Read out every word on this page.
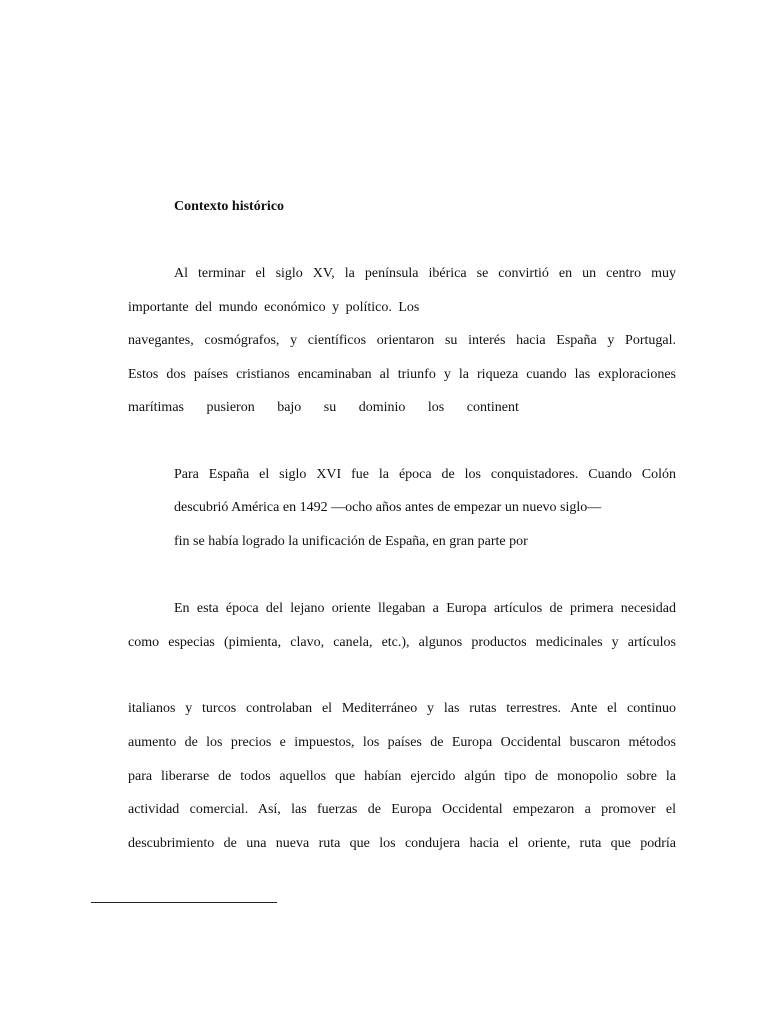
Contexto histórico

Al terminar el siglo XV, la península ibérica se convirtió en un centro muy

importante del mundo económico y político. Los

navegantes, cosmógrafos, y científicos orientaron su interés hacia España y Portugal.

Estos dos países cristianos encaminaban al triunfo y la riqueza cuando las exploraciones

marítimas pusieron bajo su dominio los continent

Para España el siglo XVI fue la época de los conquistadores. Cuando Colón

descubrió América en 1492 —ocho años antes de empezar un nuevo siglo—

fin se había logrado la unificación de España, en gran parte por

En esta época del lejano oriente llegaban a Europa artículos de primera necesidad

como especias (pimienta, clavo, canela, etc.), algunos productos medicinales y artículos

italianos y turcos controlaban el Mediterráneo y las rutas terrestres. Ante el continuo

aumento de los precios e impuestos, los países de Europa Occidental buscaron métodos

para liberarse de todos aquellos que habían ejercido algún tipo de monopolio sobre la

actividad comercial. Así, las fuerzas de Europa Occidental empezaron a promover el

descubrimiento de una nueva ruta que los condujera hacia el oriente, ruta que podría
